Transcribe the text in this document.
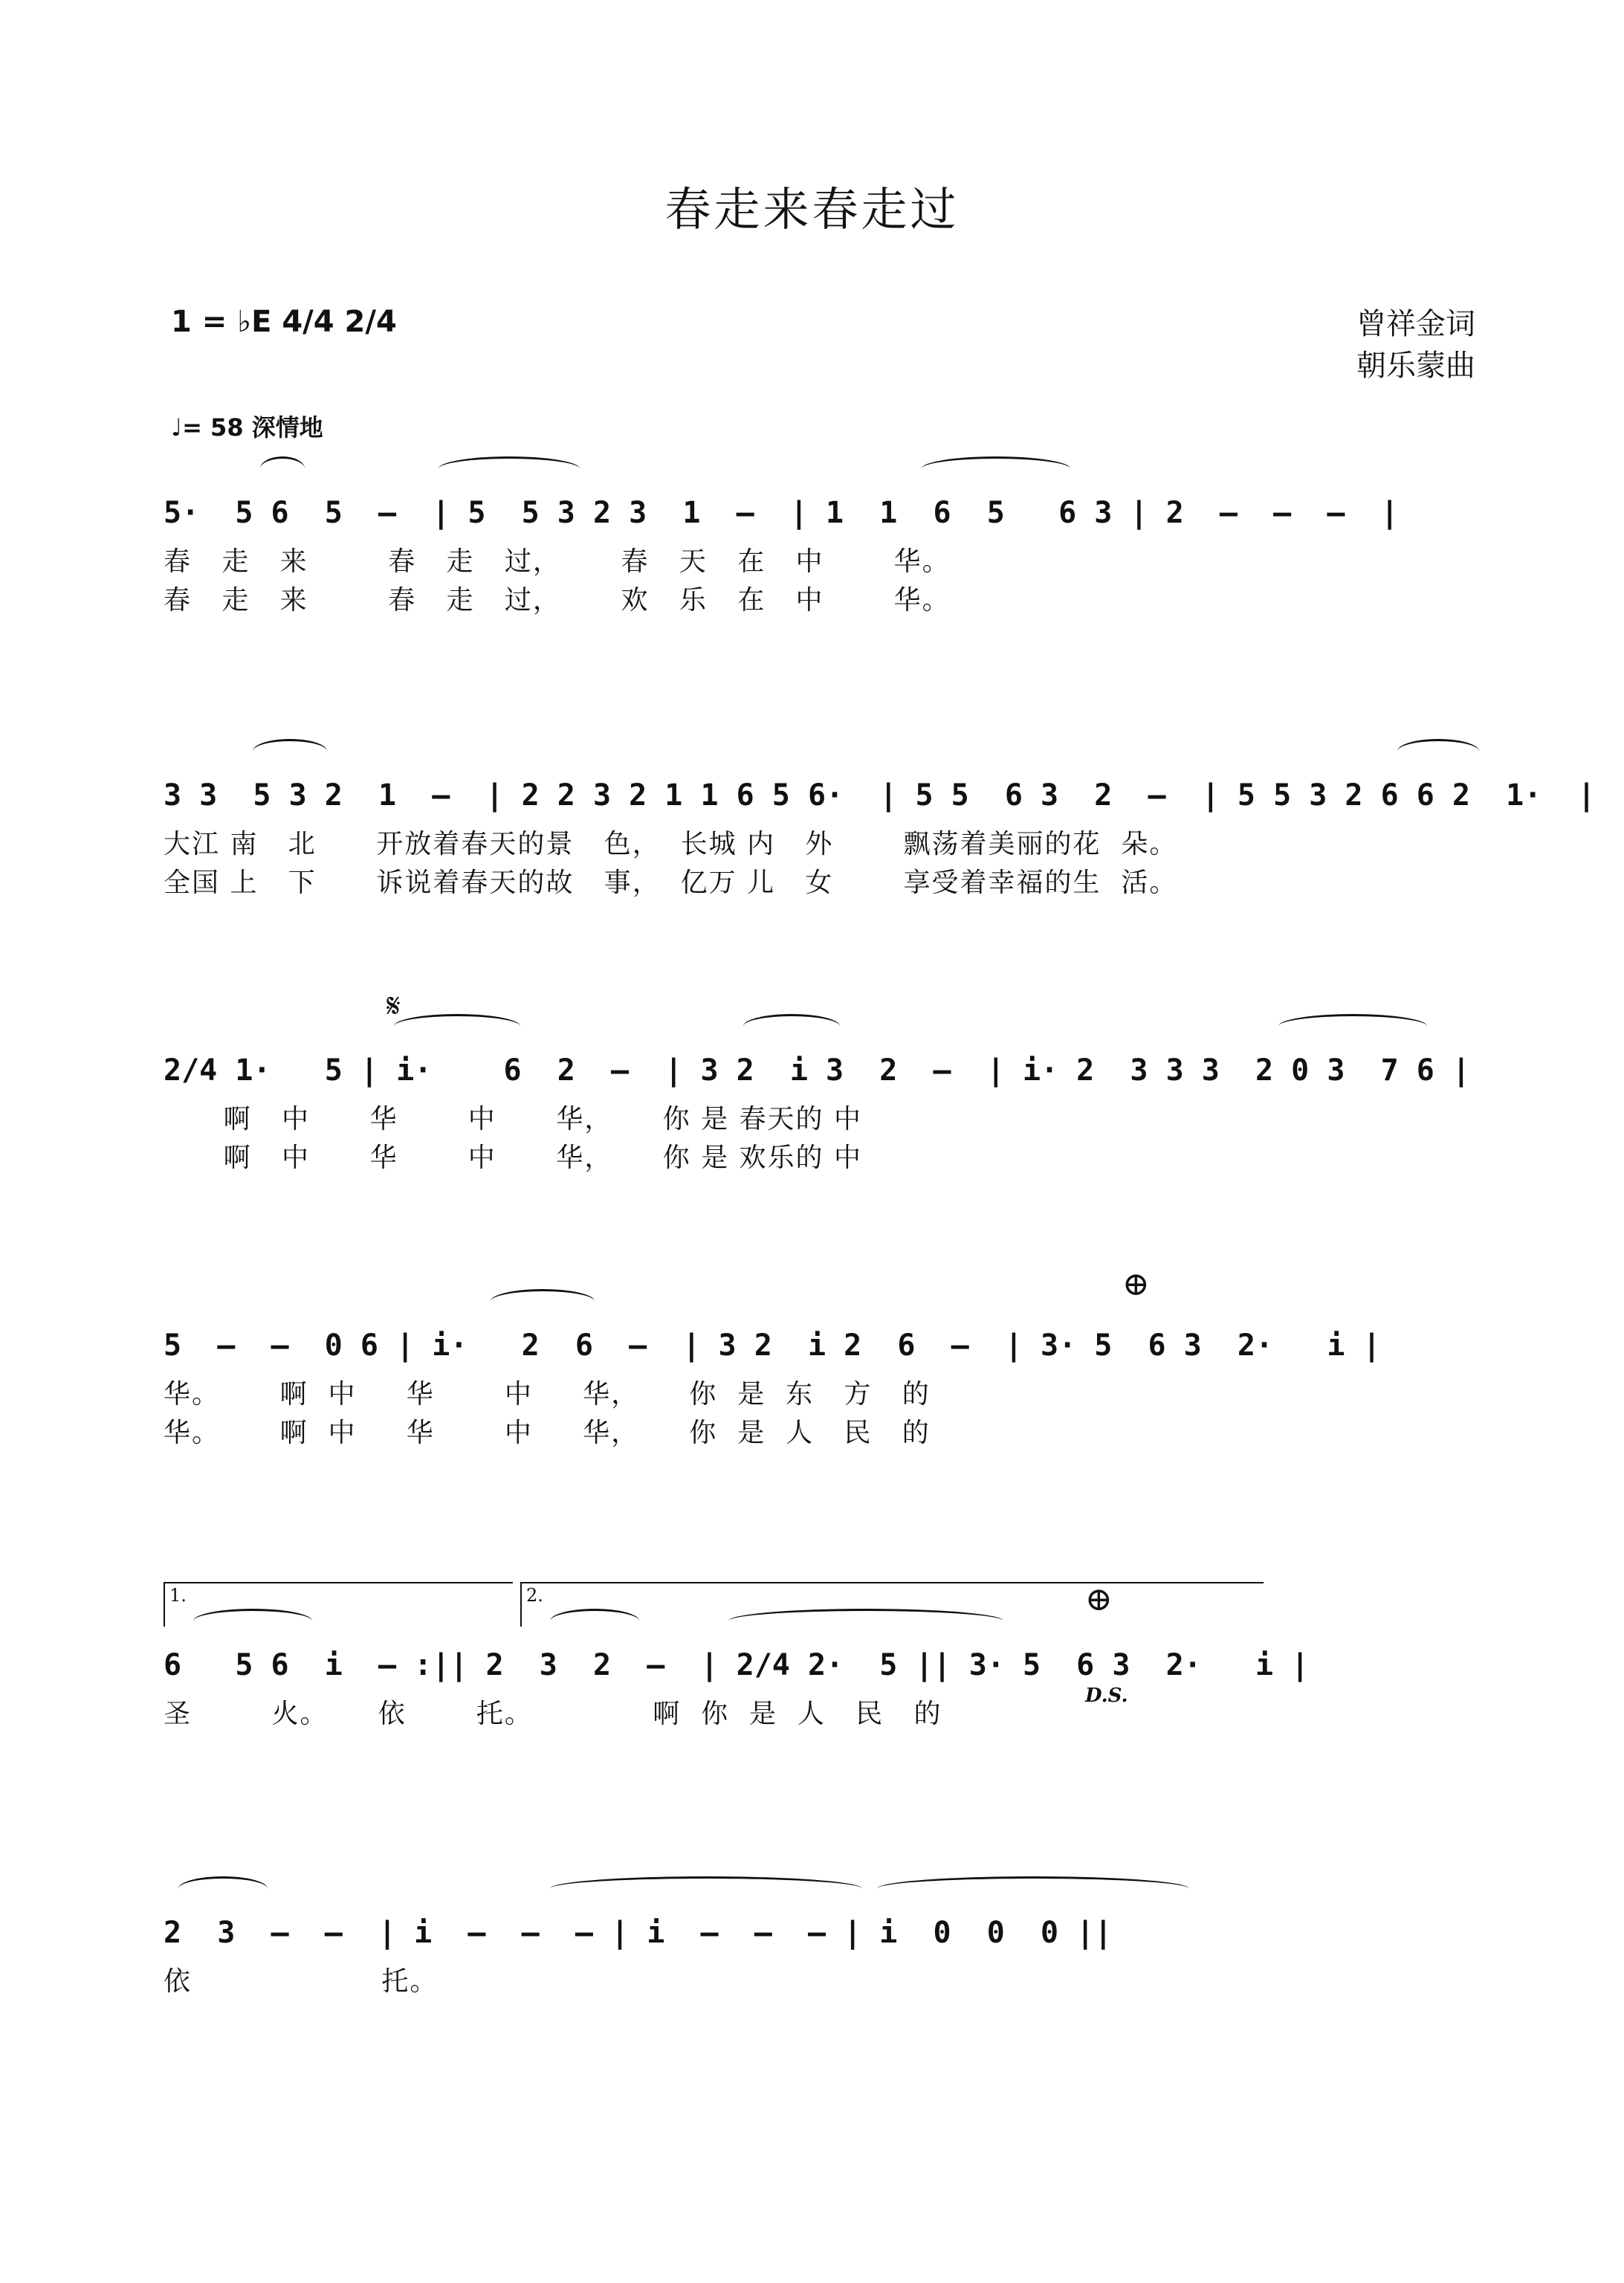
春走来春走过
1 = ♭E 4/4 2/4	曾祥金词
朝乐蒙曲
♩= 58 深情地
5·  5 6  5  –  | 5  5 3 2 3  1  –  | 1  1  6  5   6 3 | 2  –  –  –  |
春   走   来        春   走   过，      春   天   在   中       华。
春   走   来        春   走   过，      欢   乐   在   中       华。
3 3  5 3 2  1  –  | 2 2 3 2 1 1 6 5 6·  | 5 5  6 3  2  –  | 5 5 3 2 6 6 2  1·  |
大江 南   北      开放着春天的景   色，  长城 内   外       飘荡着美丽的花  朵。
全国 上   下      诉说着春天的故   事，  亿万 儿   女       享受着幸福的生  活。
𝄋
2/4 1·   5 | i·    6  2  –  | 3 2  i 3  2  –  | i· 2  3 3 3  2 0 3  7 6 |
啊   中      华       中      华，     你 是 春天的 中
啊   中      华       中      华，     你 是 欢乐的 中
⊕
5  –  –  0 6 | i·   2  6  –  | 3 2  i 2  6  –  | 3· 5  6 3  2·   i |
华。      啊  中     华       中     华，     你  是  东   方   的
华。      啊  中     华       中     华，     你  是  人   民   的
1.	2.	⊕
D.S.
6   5 6  i  – :|| 2  3  2  –  | 2/4 2·  5 || 3· 5  6 3  2·   i |
圣        火。     依       托。            啊  你  是  人   民   的
2  3  –  –  | i  –  –  – | i  –  –  – | i  0  0  0 ||
依                   托。
